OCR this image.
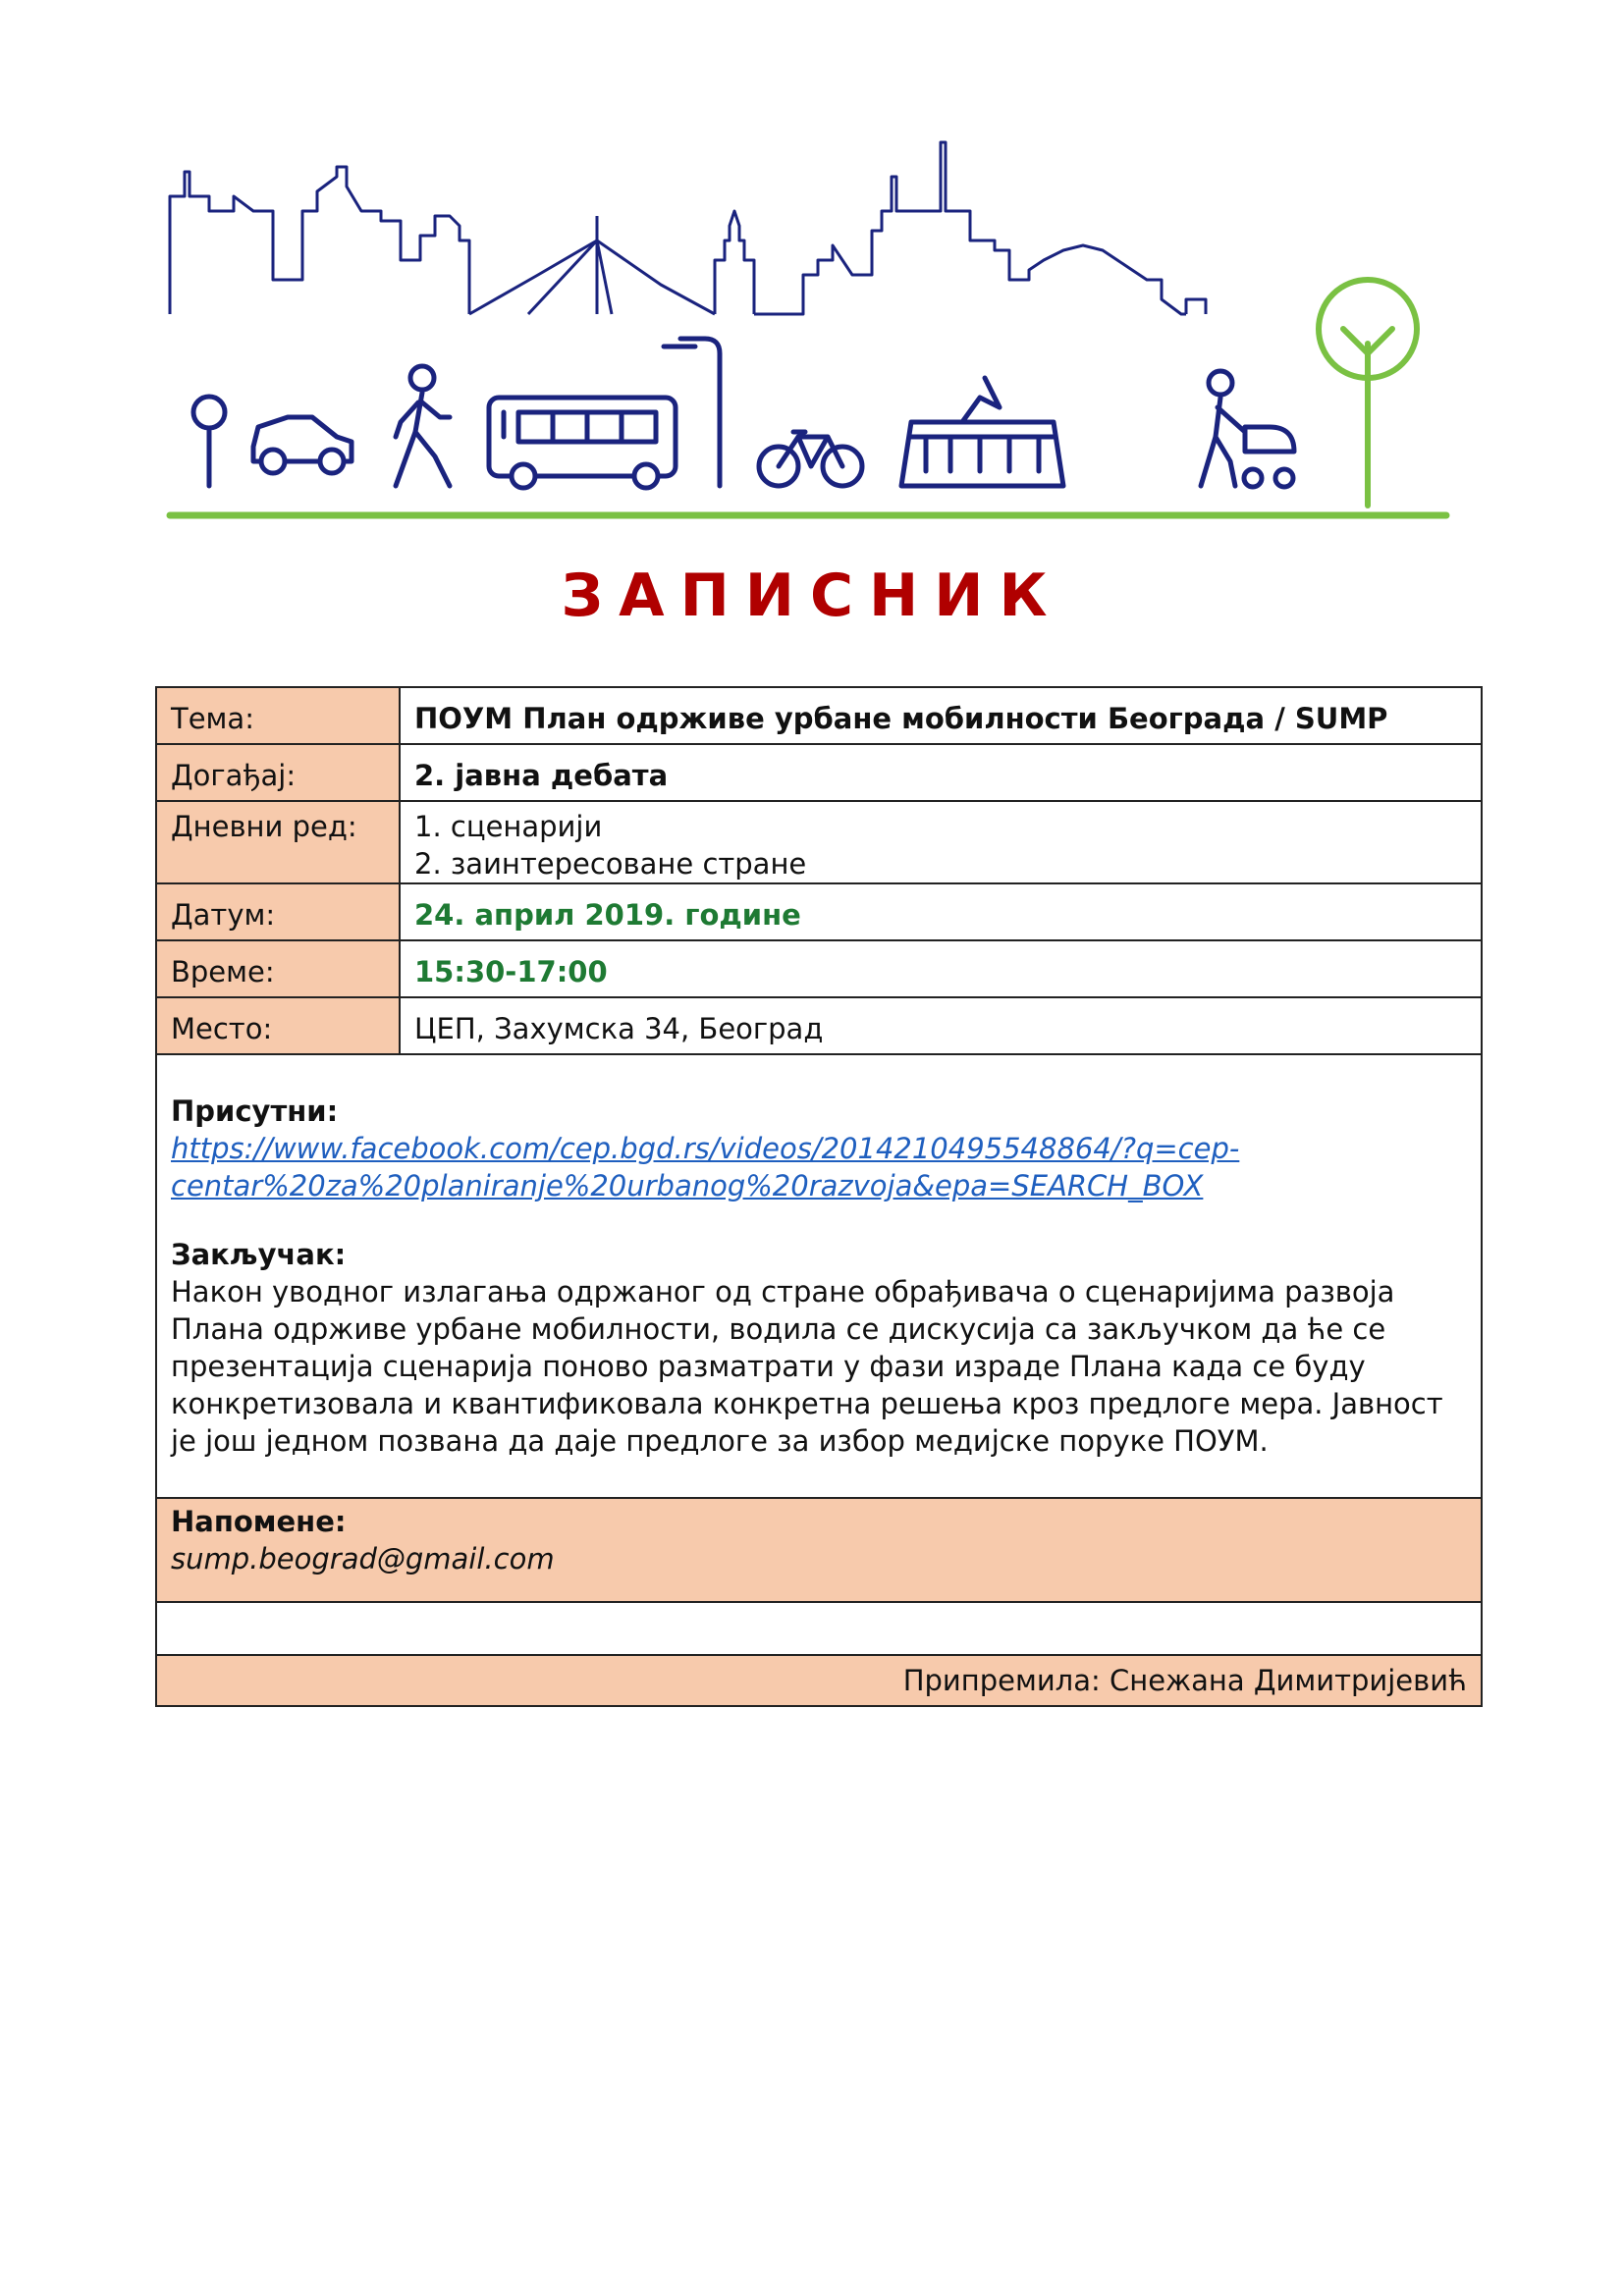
ЗАПИСНИК
Тема:	ПОУМ План одрживе урбане мобилности Београда / SUMP
Догађај:	2. јавна дебата
Дневни ред:	1. сценарији
2. заинтересоване стране

Датум:	24. април 2019. године
Време:	15:30-17:00
Место:	ЦЕП, Захумска 34, Београд

Присутни:
https://www.facebook.com/cep.bgd.rs/videos/2014210495548864/?q=cep-
centar%20za%20planiranje%20urbanog%20razvoja&epa=SEARCH_BOX
Закључак:
Након уводног излагања одржаног од стране обрађивача о сценаријима развоја Плана одрживе урбане мобилности, водила се дискусија са закључком да ће се презентација сценарија поново разматрати у фази израде Плана када се буду конкретизовала и квантификовала конкретна решења кроз предлоге мера. Јавност је још једном позвана да даје предлоге за избор медијске поруке ПОУМ.	

Напомене:
sump.beograd@gmail.com	

Припремила: Снежана Димитријевић	
